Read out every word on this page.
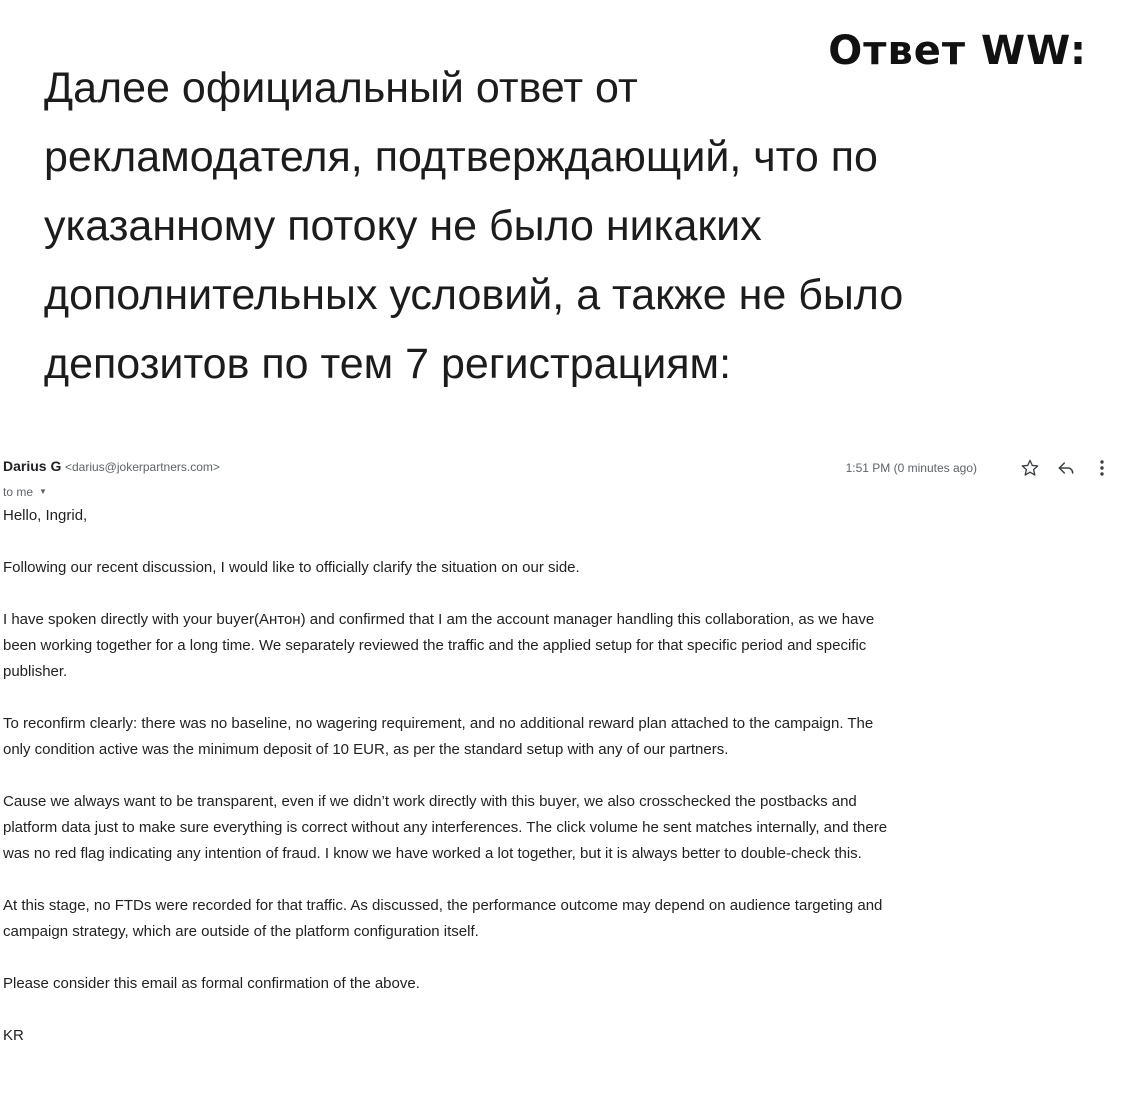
Ответ WW:
Далее официальный ответ от
рекламодателя, подтверждающий, что по
указанному потоку не было никаких
дополнительных условий, а также не было
депозитов по тем 7 регистрациям:
Darius G <darius@jokerpartners.com>
to me ▼
1:51 PM (0 minutes ago)

Hello, Ingrid,

Following our recent discussion, I would like to officially clarify the situation on our side.

I have spoken directly with your buyer(Антон) and confirmed that I am the account manager handling this collaboration, as we have

been working together for a long time. We separately reviewed the traffic and the applied setup for that specific period and specific

publisher.

To reconfirm clearly: there was no baseline, no wagering requirement, and no additional reward plan attached to the campaign. The

only condition active was the minimum deposit of 10 EUR, as per the standard setup with any of our partners.

Cause we always want to be transparent, even if we didn’t work directly with this buyer, we also crosschecked the postbacks and

platform data just to make sure everything is correct without any interferences. The click volume he sent matches internally, and there

was no red flag indicating any intention of fraud. I know we have worked a lot together, but it is always better to double-check this.

At this stage, no FTDs were recorded for that traffic. As discussed, the performance outcome may depend on audience targeting and

campaign strategy, which are outside of the platform configuration itself.

Please consider this email as formal confirmation of the above.

KR
